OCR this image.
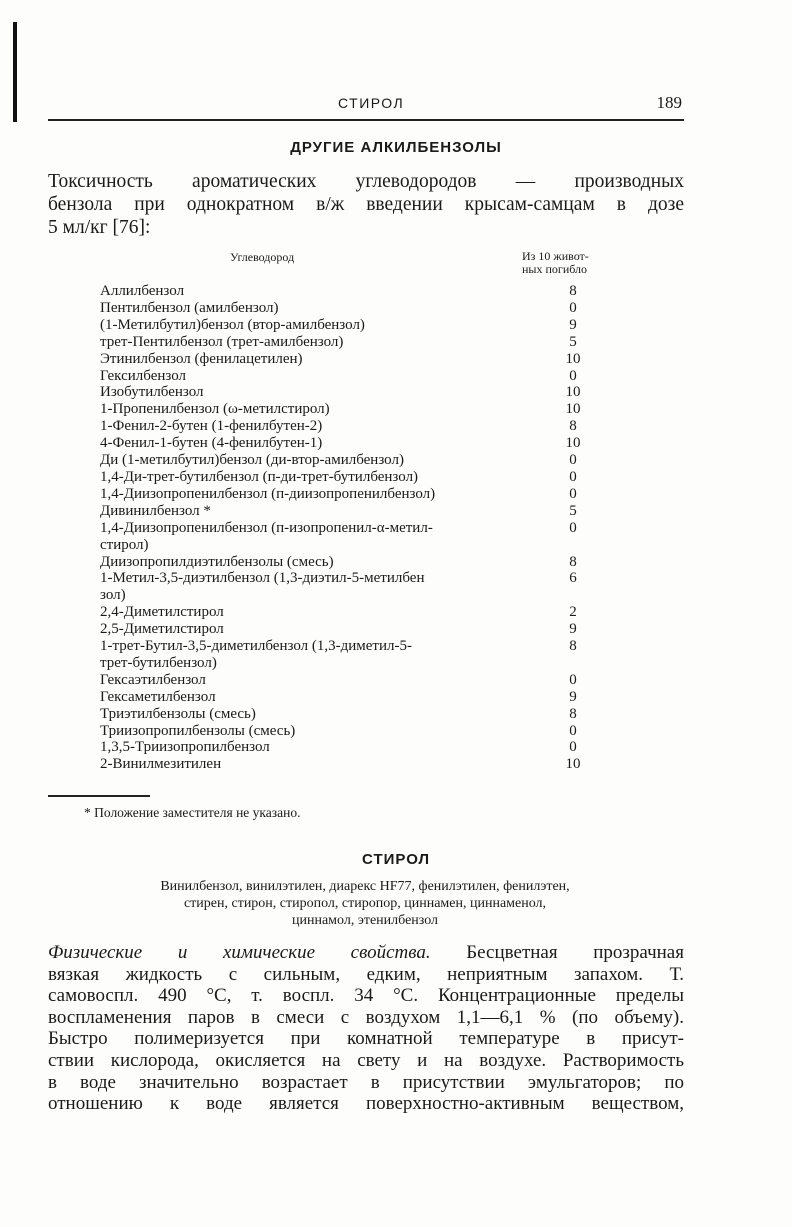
СТИРОЛ	189
ДРУГИЕ АЛКИЛБЕНЗОЛЫ
Токсичность ароматических углеводородов — производных
бензола при однократном в/ж введении крысам-самцам в дозе
5 мл/кг [76]:
Углеводород	Из 10 живот-
ных погибло
Аллилбензол	8
Пентилбензол (амилбензол)	0
(1-Метилбутил)бензол (втор-амилбензол)	9
трет-Пентилбензол (трет-амилбензол)	5
Этинилбензол (фенилацетилен)	10
Гексилбензол	0
Изобутилбензол	10
1-Пропенилбензол (ω-метилстирол)	10
1-Фенил-2-бутен (1-фенилбутен-2)	8
4-Фенил-1-бутен (4-фенилбутен-1)	10
Ди (1-метилбутил)бензол (ди-втор-амилбензол)	0
1,4-Ди-трет-бутилбензол (п-ди-трет-бутилбензол)	0
1,4-Диизопропенилбензол (п-диизопропенилбензол)	0
Дивинилбензол *	5
1,4-Диизопропенилбензол (п-изопропенил-α-метил-	0
стирол)
Диизопропилдиэтилбензолы (смесь)	8
1-Метил-3,5-диэтилбензол (1,3-диэтил-5-метилбен	6
зол)
2,4-Диметилстирол	2
2,5-Диметилстирол	9
1-трет-Бутил-3,5-диметилбензол (1,3-диметил-5-	8
трет-бутилбензол)
Гексаэтилбензол	0
Гексаметилбензол	9
Триэтилбензолы (смесь)	8
Триизопропилбензолы (смесь)	0
1,3,5-Триизопропилбензол	0
2-Винилмезитилен	10
* Положение заместителя не указано.
СТИРОЛ
Винилбензол, винилэтилен, диарекс HF77, фенилэтилен, фенилэтен,
стирен, стирон, стиропол, стиропор, циннамен, циннаменол,
циннамол, этенилбензол
Физические и химические свойства. Бесцветная прозрачная
вязкая жидкость с сильным, едким, неприятным запахом. Т.
самовоспл. 490 °С, т. воспл. 34 °С. Концентрационные пределы
воспламенения паров в смеси с воздухом 1,1—6,1 % (по объему).
Быстро полимеризуется при комнатной температуре в присут-
ствии кислорода, окисляется на свету и на воздухе. Растворимость
в воде значительно возрастает в присутствии эмульгаторов; по
отношению к воде является поверхностно-активным веществом,
